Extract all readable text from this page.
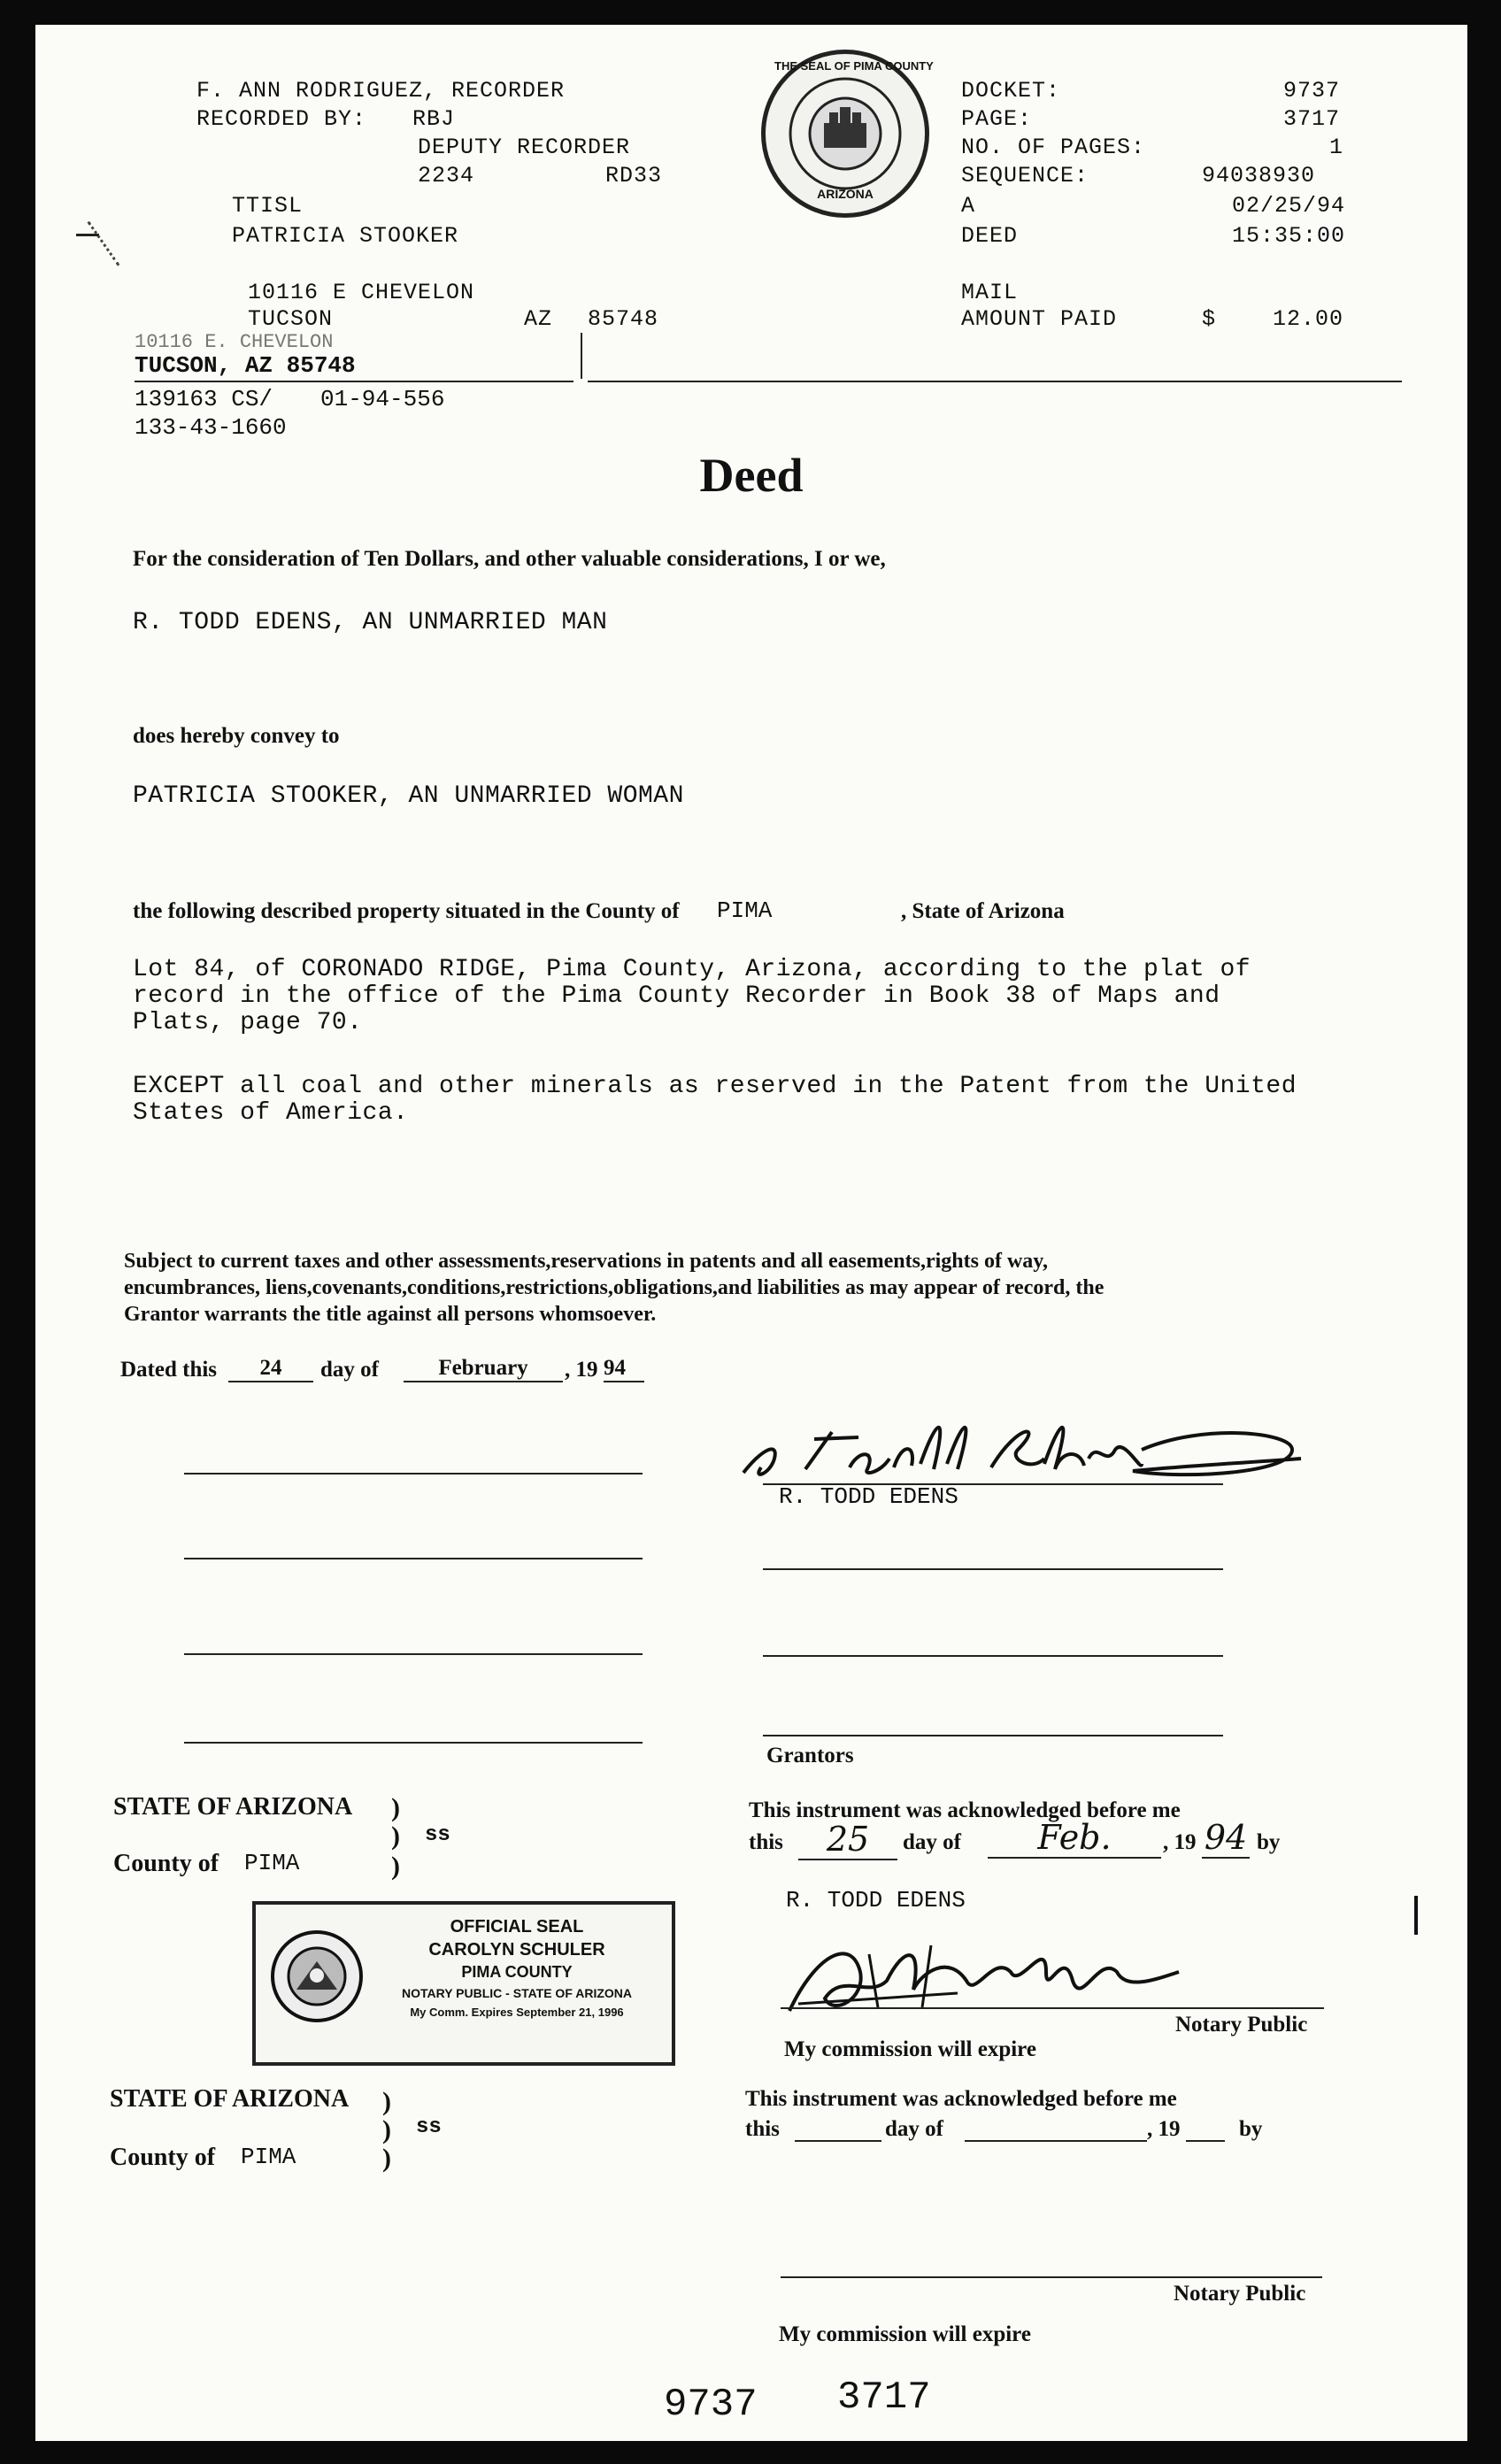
F. ANN RODRIGUEZ, RECORDER
RECORDED BY: RBJ
DEPUTY RECORDER
2234	RD33
TTISL
PATRICIA STOOKER
10116 E CHEVELON
TUCSON	AZ 85748
THE SEAL OF PIMA COUNTY
ARIZONA
DOCKET:	9737
PAGE:	3717
NO. OF PAGES:	1
SEQUENCE:	94038930
A	02/25/94
DEED	15:35:00
MAIL
AMOUNT PAID	$	12.00
10116 E. CHEVELON
TUCSON, AZ 85748
139163 CS/ 01-94-556
133-43-1660
Deed
For the consideration of Ten Dollars, and other valuable considerations, I or we,
R. TODD EDENS, AN UNMARRIED MAN
does hereby convey to
PATRICIA STOOKER, AN UNMARRIED WOMAN
the following described property situated in the County of PIMA	, State of Arizona
Lot 84, of CORONADO RIDGE, Pima County, Arizona, according to the plat of
record in the office of the Pima County Recorder in Book 38 of Maps and
Plats, page 70.
EXCEPT all coal and other minerals as reserved in the Patent from the United
States of America.
Subject to current taxes and other assessments,reservations in patents and all easements,rights of way,
encumbrances, liens,covenants,conditions,restrictions,obligations,and liabilities as may appear of record, the
Grantor warrants the title against all persons whomsoever.
Dated this	24	day of	February	, 19 94
R. TODD EDENS
Grantors
STATE OF ARIZONA
County of PIMA
)
)
)
ss
This instrument was acknowledged before me
this	25	day of	Feb.	, 19 94 by
R. TODD EDENS
Notary Public
My commission will expire
OFFICIAL SEAL
CAROLYN SCHULER
PIMA COUNTY
NOTARY PUBLIC - STATE OF ARIZONA
My Comm. Expires September 21, 1996
STATE OF ARIZONA
County of PIMA
)
)
)
ss
This instrument was acknowledged before me
this	day of	, 19	by
Notary Public
My commission will expire
9737 3717
